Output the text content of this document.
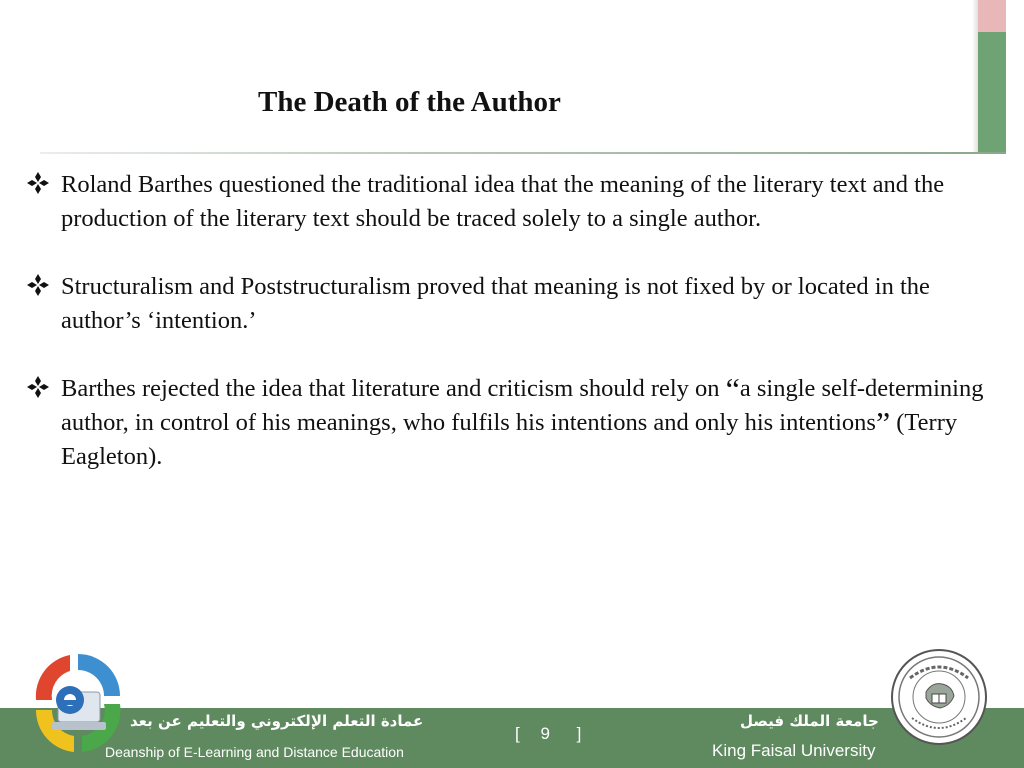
The Death of the Author
Roland Barthes questioned the traditional idea that the meaning of the literary text and the production of the literary text should be traced solely to a single author.
Structuralism and Poststructuralism proved that meaning is not fixed by or located in the author’s ‘intention.’
Barthes rejected the idea that literature and criticism should rely on “a single self-determining author, in control of his meanings, who fulfils his intentions and only his intentions” (Terry Eagleton).
عمادة التعلم الإلكتروني والتعليم عن بعد
Deanship of E-Learning and Distance Education
[ 9 ]
جامعة الملك فيصل
King Faisal University
